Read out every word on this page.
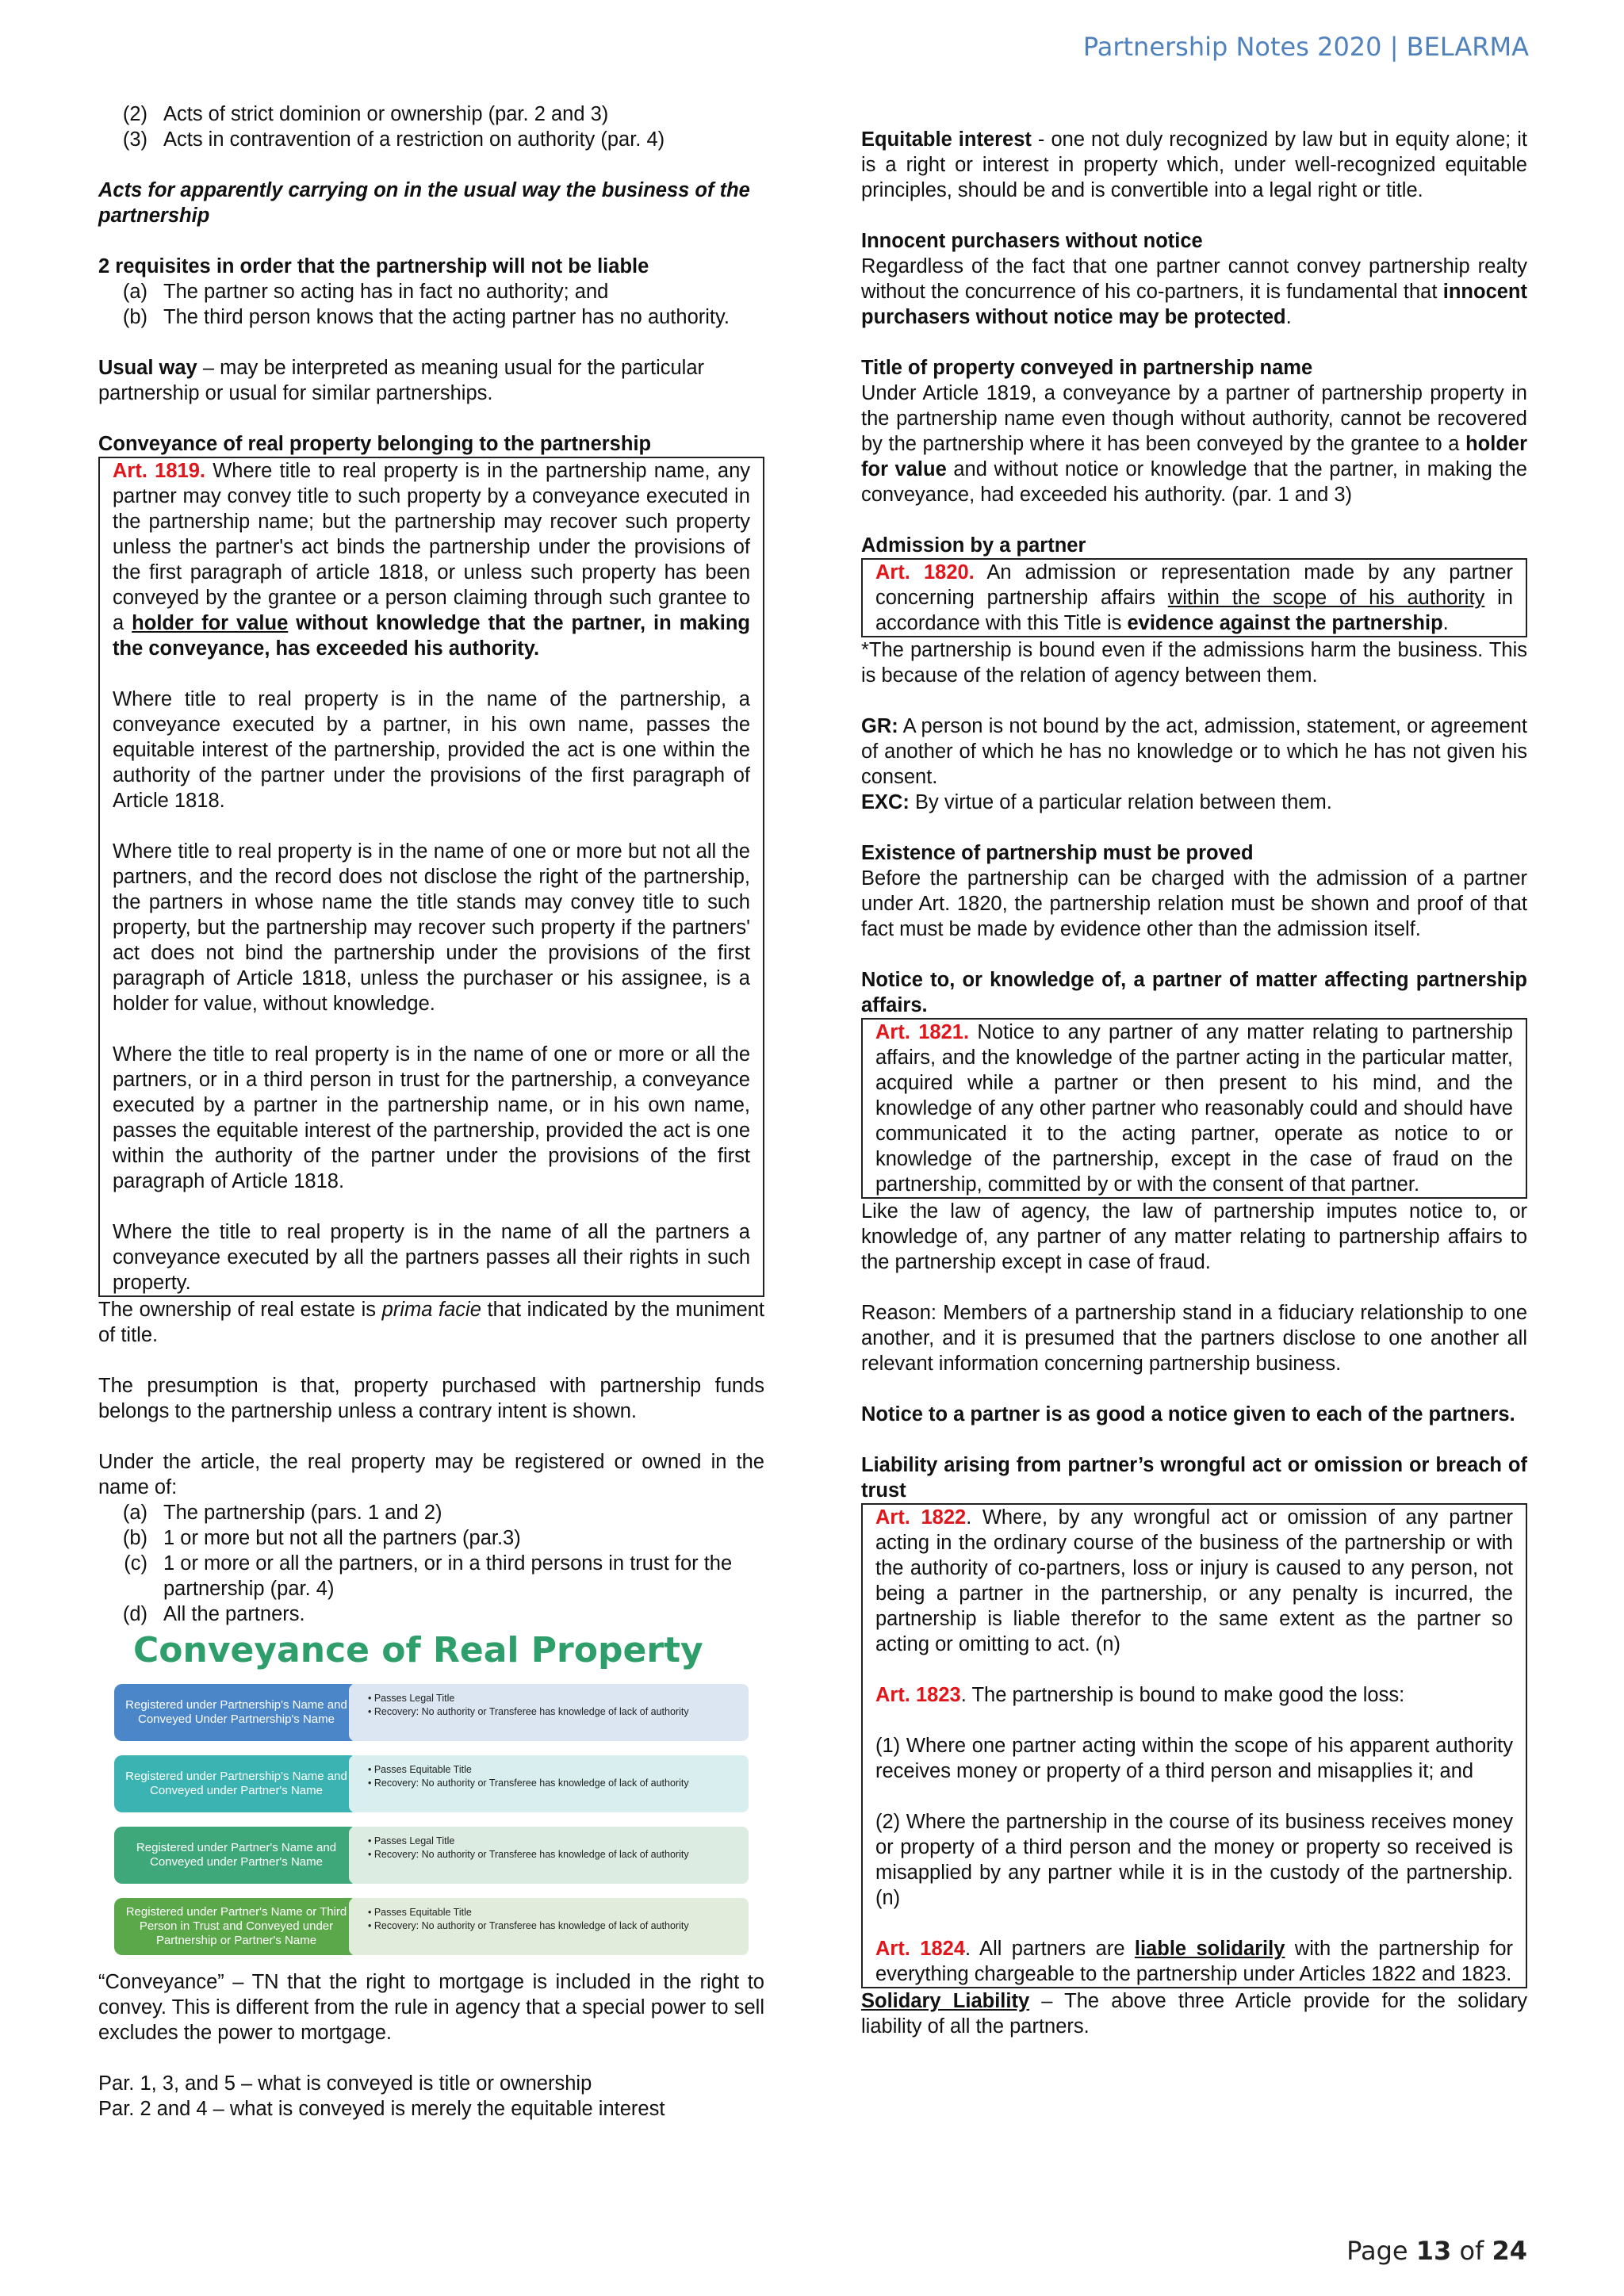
Partnership Notes 2020 | BELARMA
(2) Acts of strict dominion or ownership (par. 2 and 3)
(3) Acts in contravention of a restriction on authority (par. 4)

Acts for apparently carrying on in the usual way the business of the partnership

2 requisites in order that the partnership will not be liable

(a) The partner so acting has in fact no authority; and
(b) The third person knows that the acting partner has no authority.

Usual way – may be interpreted as meaning usual for the particular partnership or usual for similar partnerships.

Conveyance of real property belonging to the partnership

Art. 1819. Where title to real property is in the partnership name, any partner may convey title to such property by a conveyance executed in the partnership name; but the partnership may recover such property unless the partner's act binds the partnership under the provisions of the first paragraph of article 1818, or unless such property has been conveyed by the grantee or a person claiming through such grantee to a holder for value without knowledge that the partner, in making the conveyance, has exceeded his authority.

Where title to real property is in the name of the partnership, a conveyance executed by a partner, in his own name, passes the equitable interest of the partnership, provided the act is one within the authority of the partner under the provisions of the first paragraph of Article 1818.

Where title to real property is in the name of one or more but not all the partners, and the record does not disclose the right of the partnership, the partners in whose name the title stands may convey title to such property, but the partnership may recover such property if the partners' act does not bind the partnership under the provisions of the first paragraph of Article 1818, unless the purchaser or his assignee, is a holder for value, without knowledge.

Where the title to real property is in the name of one or more or all the partners, or in a third person in trust for the partnership, a conveyance executed by a partner in the partnership name, or in his own name, passes the equitable interest of the partnership, provided the act is one within the authority of the partner under the provisions of the first paragraph of Article 1818.

Where the title to real property is in the name of all the partners a conveyance executed by all the partners passes all their rights in such property.

The ownership of real estate is prima facie that indicated by the muniment of title.

The presumption is that, property purchased with partnership funds belongs to the partnership unless a contrary intent is shown.

Under the article, the real property may be registered or owned in the name of:

(a) The partnership (pars. 1 and 2)
(b) 1 or more but not all the partners (par.3)
(c) 1 or more or all the partners, or in a third persons in trust for the partnership (par. 4)
(d) All the partners.
Conveyance of Real Property
Registered under Partnership's Name and Conveyed Under Partnership's Name
• Passes Legal Title
• Recovery: No authority or Transferee has knowledge of lack of authority
Registered under Partnership's Name and Conveyed under Partner's Name
• Passes Equitable Title
• Recovery: No authority or Transferee has knowledge of lack of authority
Registered under Partner's Name and Conveyed under Partner's Name
• Passes Legal Title
• Recovery: No authority or Transferee has knowledge of lack of authority
Registered under Partner's Name or Third Person in Trust and Conveyed under Partnership or Partner's Name
• Passes Equitable Title
• Recovery: No authority or Transferee has knowledge of lack of authority

“Conveyance” – TN that the right to mortgage is included in the right to convey. This is different from the rule in agency that a special power to sell excludes the power to mortgage.

Par. 1, 3, and 5 – what is conveyed is title or ownership

Par. 2 and 4 – what is conveyed is merely the equitable interest

Equitable interest - one not duly recognized by law but in equity alone; it is a right or interest in property which, under well-recognized equitable principles, should be and is convertible into a legal right or title.

Innocent purchasers without notice

Regardless of the fact that one partner cannot convey partnership realty without the concurrence of his co-partners, it is fundamental that innocent purchasers without notice may be protected.

Title of property conveyed in partnership name

Under Article 1819, a conveyance by a partner of partnership property in the partnership name even though without authority, cannot be recovered by the partnership where it has been conveyed by the grantee to a holder for value and without notice or knowledge that the partner, in making the conveyance, had exceeded his authority. (par. 1 and 3)

Admission by a partner

Art. 1820. An admission or representation made by any partner concerning partnership affairs within the scope of his authority in accordance with this Title is evidence against the partnership.

*The partnership is bound even if the admissions harm the business. This is because of the relation of agency between them.

GR: A person is not bound by the act, admission, statement, or agreement of another of which he has no knowledge or to which he has not given his consent.

EXC: By virtue of a particular relation between them.

Existence of partnership must be proved

Before the partnership can be charged with the admission of a partner under Art. 1820, the partnership relation must be shown and proof of that fact must be made by evidence other than the admission itself.

Notice to, or knowledge of, a partner of matter affecting partnership affairs.

Art. 1821. Notice to any partner of any matter relating to partnership affairs, and the knowledge of the partner acting in the particular matter, acquired while a partner or then present to his mind, and the knowledge of any other partner who reasonably could and should have communicated it to the acting partner, operate as notice to or knowledge of the partnership, except in the case of fraud on the partnership, committed by or with the consent of that partner.

Like the law of agency, the law of partnership imputes notice to, or knowledge of, any partner of any matter relating to partnership affairs to the partnership except in case of fraud.

Reason: Members of a partnership stand in a fiduciary relationship to one another, and it is presumed that the partners disclose to one another all relevant information concerning partnership business.

Notice to a partner is as good a notice given to each of the partners.

Liability arising from partner’s wrongful act or omission or breach of trust

Art. 1822. Where, by any wrongful act or omission of any partner acting in the ordinary course of the business of the partnership or with the authority of co-partners, loss or injury is caused to any person, not being a partner in the partnership, or any penalty is incurred, the partnership is liable therefor to the same extent as the partner so acting or omitting to act. (n)

Art. 1823. The partnership is bound to make good the loss:

(1) Where one partner acting within the scope of his apparent authority receives money or property of a third person and misapplies it; and

(2) Where the partnership in the course of its business receives money or property of a third person and the money or property so received is misapplied by any partner while it is in the custody of the partnership. (n)

Art. 1824. All partners are liable solidarily with the partnership for everything chargeable to the partnership under Articles 1822 and 1823.

Solidary Liability – The above three Article provide for the solidary liability of all the partners.

Page 13 of 24
